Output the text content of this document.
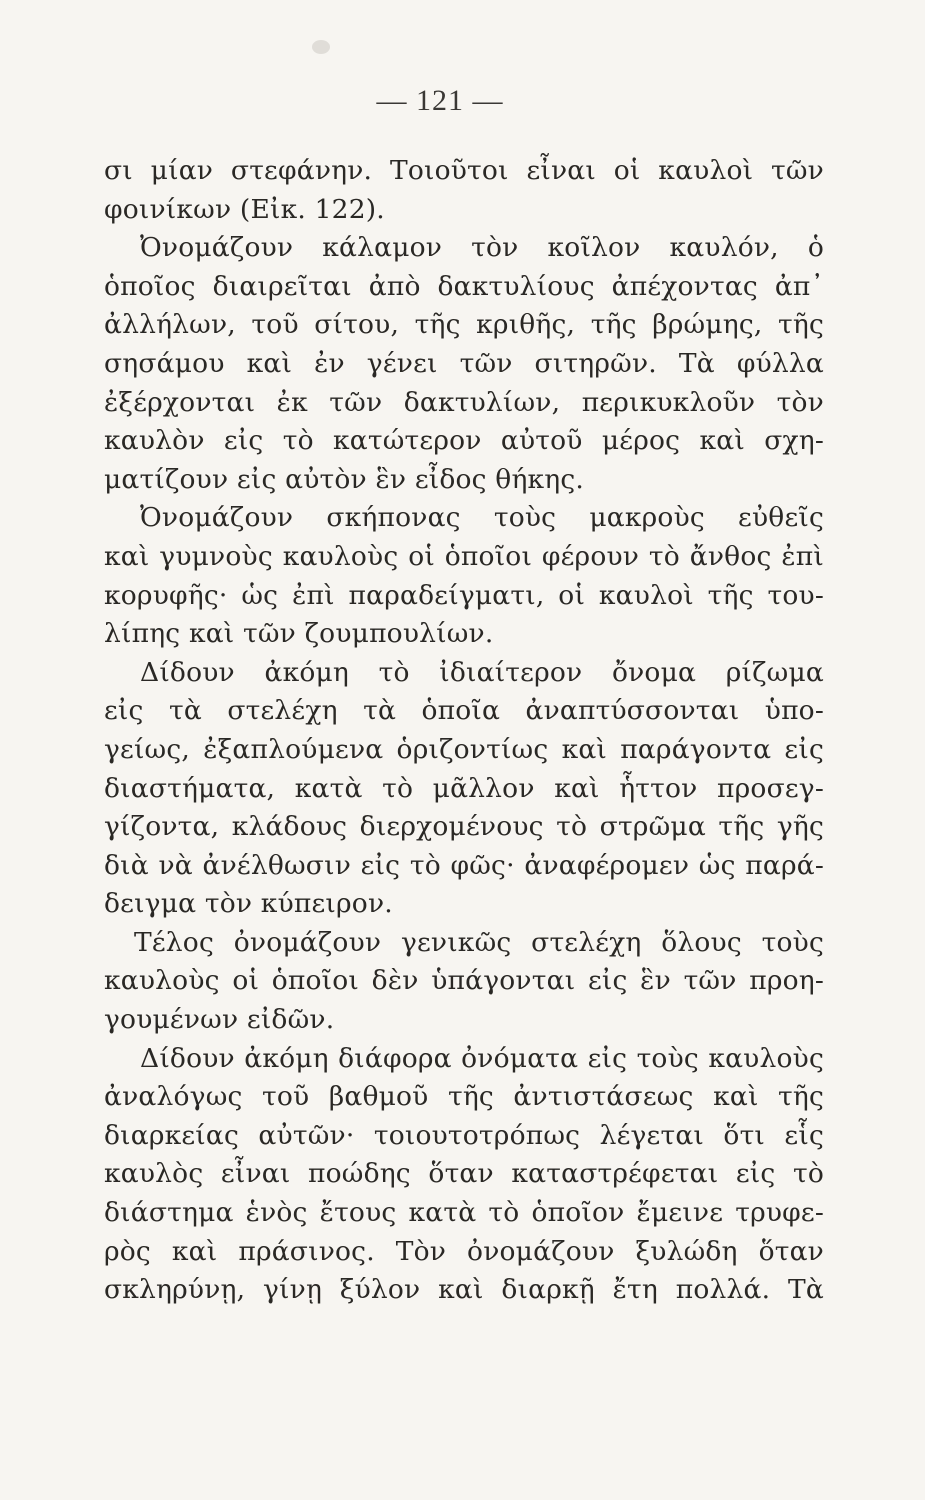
— 121 —
σι μίαν στεφάνην. Τοιοῦτοι εἶναι οἱ καυλοὶ τῶν
φοινίκων (Εἰκ. 122).
Ὀνομάζουν κάλαμον τὸν κοῖλον καυλόν, ὁ
ὁποῖος διαιρεῖται ἀπὸ δακτυλίους ἀπέχοντας ἀπ᾽
ἀλλήλων, τοῦ σίτου, τῆς κριθῆς, τῆς βρώμης, τῆς
σησάμου καὶ ἐν γένει τῶν σιτηρῶν. Τὰ φύλλα
ἐξέρχονται ἐκ τῶν δακτυλίων, περικυκλοῦν τὸν
καυλὸν εἰς τὸ κατώτερον αὐτοῦ μέρος καὶ σχη-
ματίζουν εἰς αὐτὸν ἓν εἶδος θήκης.
Ὀνομάζουν σκήπονας τοὺς μακροὺς εὐθεῖς
καὶ γυμνοὺς καυλοὺς οἱ ὁποῖοι φέρουν τὸ ἄνθος ἐπὶ
κορυφῆς· ὡς ἐπὶ παραδείγματι, οἱ καυλοὶ τῆς του-
λίπης καὶ τῶν ζουμπουλίων.
Δίδουν ἀκόμη τὸ ἰδιαίτερον ὄνομα ρίζωμα
εἰς τὰ στελέχη τὰ ὁποῖα ἀναπτύσσονται ὑπο-
γείως, ἐξαπλούμενα ὁριζοντίως καὶ παράγοντα εἰς
διαστήματα, κατὰ τὸ μᾶλλον καὶ ἧττον προσεγ-
γίζοντα, κλάδους διερχομένους τὸ στρῶμα τῆς γῆς
διὰ νὰ ἀνέλθωσιν εἰς τὸ φῶς· ἀναφέρομεν ὡς παρά-
δειγμα τὸν κύπειρον.
Τέλος ὀνομάζουν γενικῶς στελέχη ὅλους τοὺς
καυλοὺς οἱ ὁποῖοι δὲν ὑπάγονται εἰς ἓν τῶν προη-
γουμένων εἰδῶν.
Δίδουν ἀκόμη διάφορα ὀνόματα εἰς τοὺς καυλοὺς
ἀναλόγως τοῦ βαθμοῦ τῆς ἀντιστάσεως καὶ τῆς
διαρκείας αὐτῶν· τοιουτοτρόπως λέγεται ὅτι εἷς
καυλὸς εἶναι ποώδης ὅταν καταστρέφεται εἰς τὸ
διάστημα ἑνὸς ἔτους κατὰ τὸ ὁποῖον ἔμεινε τρυφε-
ρὸς καὶ πράσινος. Τὸν ὀνομάζουν ξυλώδη ὅταν
σκληρύνῃ, γίνῃ ξύλον καὶ διαρκῇ ἔτη πολλά. Τὰ
